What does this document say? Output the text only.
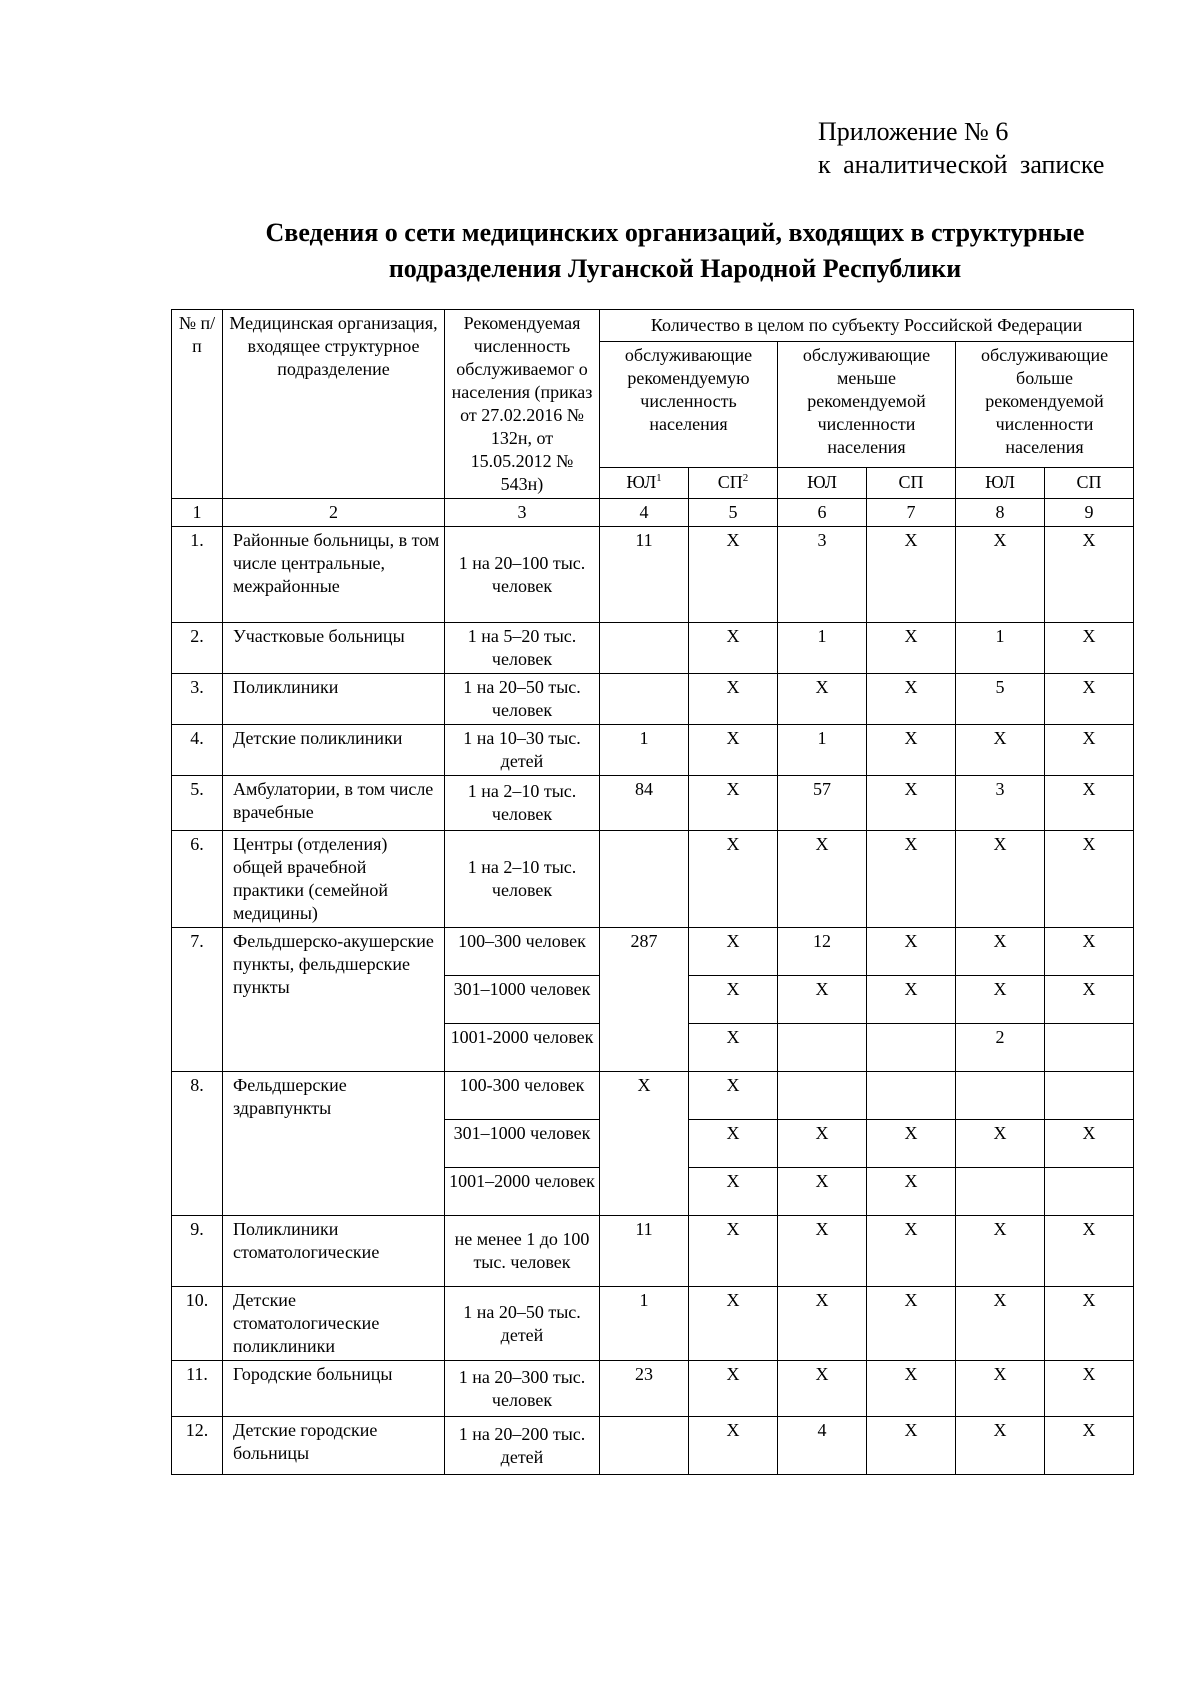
Приложение № 6
к аналитической записке
Сведения о сети медицинских организаций, входящих в структурные
подразделения Луганской Народной Республики
№ п/п	Медицинская организация, входящее структурное подразделение	Рекомендуемая численность обслуживаемог о населения (приказ от 27.02.2016 № 132н, от 15.05.2012 № 543н)	Количество в целом по субъекту Российской Федерации					
			обслуживающие рекомендуемую численность населения		обслуживающие меньше рекомендуемой численности населения		обслуживающие больше рекомендуемой численности населения	
			$ЮЛ^1$	$СП^2$	ЮЛ	СП	ЮЛ	СП
1	2	3	4	5	6	7	8	9
1.	Районные больницы, в том числе центральные, межрайонные	1 на 20–100 тыс. человек	11	Х	3	Х	Х	Х
2.	Участковые больницы	1 на 5–20 тыс. человек		Х	1	Х	1	Х
3.	Поликлиники	1 на 20–50 тыс. человек		Х	Х	Х	5	Х
4.	Детские поликлиники	1 на 10–30 тыс. детей	1	Х	1	Х	Х	Х
5.	Амбулатории, в том числе врачебные	1 на 2–10 тыс. человек	84	Х	57	Х	3	Х
6.	Центры (отделения) общей врачебной практики (семейной медицины)	1 на 2–10 тыс. человек		Х	Х	Х	Х	Х
7.	Фельдшерско-акушерские пункты, фельдшерские пункты	100–300 человек	287	Х	12	Х	Х	Х
		301–1000 человек		Х	Х	Х	Х	Х
		1001-2000 человек		Х			2	
8.	Фельдшерские здравпункты	100-300 человек	Х	Х				
		301–1000 человек		Х	Х	Х	Х	Х
		1001–2000 человек		Х	Х	Х		
9.	Поликлиники стоматологические	не менее 1 до 100 тыс. человек	11	Х	Х	Х	Х	Х
10.	Детские стоматологические поликлиники	1 на 20–50 тыс. детей	1	Х	Х	Х	Х	Х
11.	Городские больницы	1 на 20–300 тыс. человек	23	Х	Х	Х	Х	Х
12.	Детские городские больницы	1 на 20–200 тыс. детей		Х	4	Х	Х	Х
